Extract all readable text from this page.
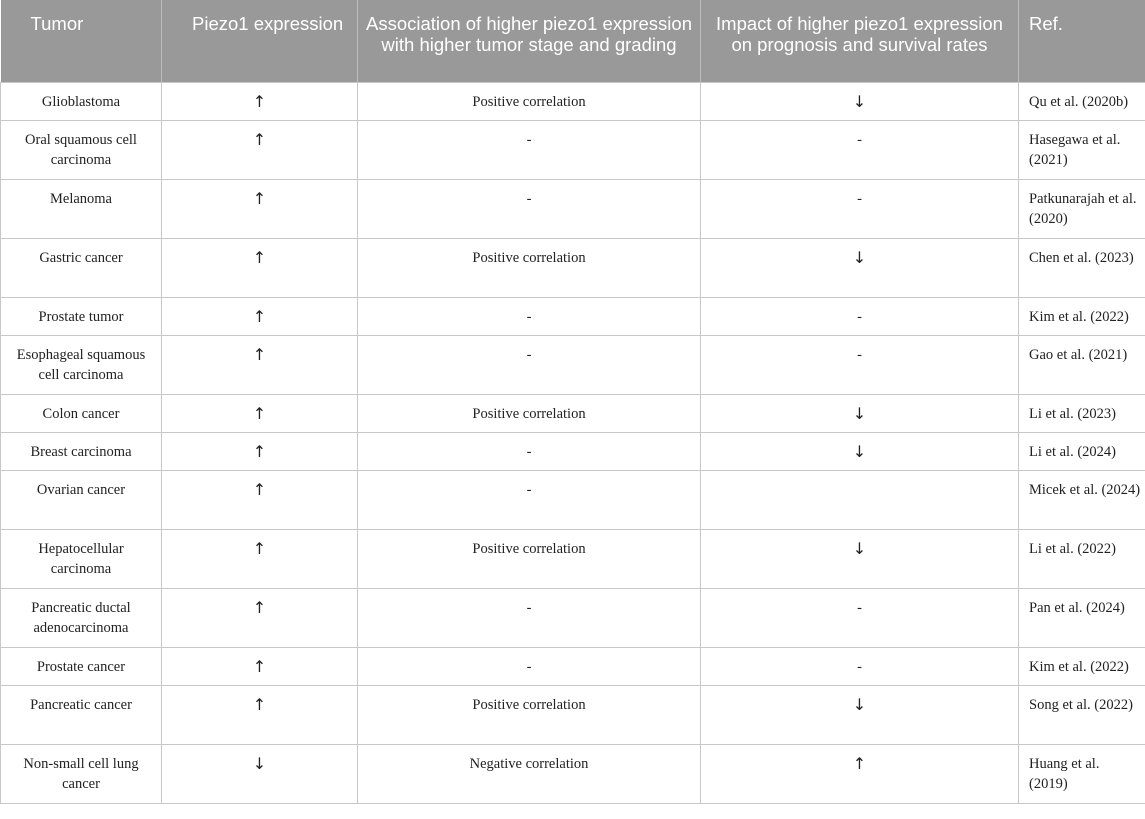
Tumor	Piezo1 expression	Association of higher piezo1 expression with higher tumor stage and grading	Impact of higher piezo1 expression on prognosis and survival rates	Ref.
Glioblastoma	↑	Positive correlation	↓	Qu et al. (2020b)
Oral squamous cell carcinoma	↑	-	-	Hasegawa et al. (2021)
Melanoma	↑	-	-	Patkunarajah et al. (2020)
Gastric cancer	↑	Positive correlation	↓	Chen et al. (2023)
Prostate tumor	↑	-	-	Kim et al. (2022)
Esophageal squamous cell carcinoma	↑	-	-	Gao et al. (2021)
Colon cancer	↑	Positive correlation	↓	Li et al. (2023)
Breast carcinoma	↑	-	↓	Li et al. (2024)
Ovarian cancer	↑	-		Micek et al. (2024)
Hepatocellular carcinoma	↑	Positive correlation	↓	Li et al. (2022)
Pancreatic ductal adenocarcinoma	↑	-	-	Pan et al. (2024)
Prostate cancer	↑	-	-	Kim et al. (2022)
Pancreatic cancer	↑	Positive correlation	↓	Song et al. (2022)
Non-small cell lung cancer	↓	Negative correlation	↑	Huang et al. (2019)
